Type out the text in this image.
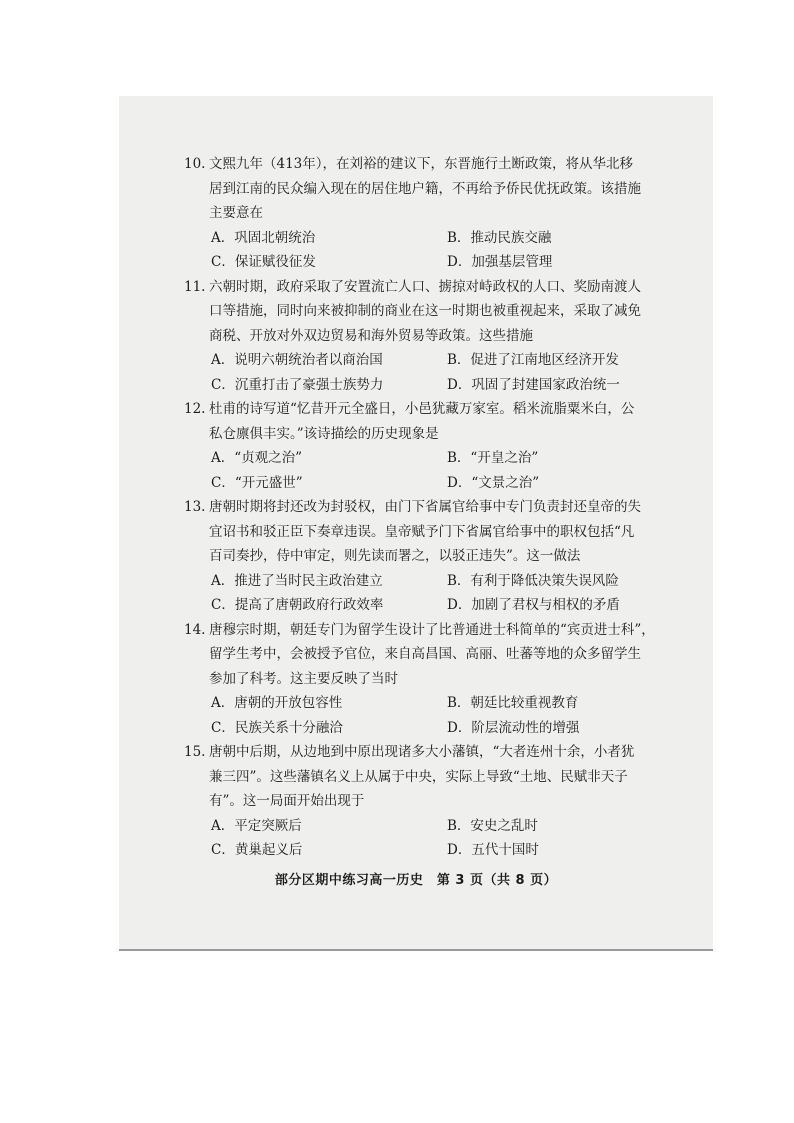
10. 文熙九年（413年），在刘裕的建议下，东晋施行土断政策，将从华北移
居到江南的民众编入现在的居住地户籍，不再给予侨民优抚政策。该措施
主要意在
A．巩固北朝统治	B．推动民族交融
C．保证赋役征发	D．加强基层管理
11. 六朝时期，政府采取了安置流亡人口、掳掠对峙政权的人口、奖励南渡人
口等措施，同时向来被抑制的商业在这一时期也被重视起来，采取了减免
商税、开放对外双边贸易和海外贸易等政策。这些措施
A．说明六朝统治者以商治国	B．促进了江南地区经济开发
C．沉重打击了豪强士族势力	D．巩固了封建国家政治统一
12. 杜甫的诗写道“忆昔开元全盛日，小邑犹藏万家室。稻米流脂粟米白，公
私仓廪俱丰实。”该诗描绘的历史现象是
A．“贞观之治”	B．“开皇之治”
C．“开元盛世”	D．“文景之治”
13. 唐朝时期将封还改为封驳权，由门下省属官给事中专门负责封还皇帝的失
宜诏书和驳正臣下奏章违误。皇帝赋予门下省属官给事中的职权包括“凡
百司奏抄，侍中审定，则先读而署之，以驳正违失”。这一做法
A．推进了当时民主政治建立	B．有利于降低决策失误风险
C．提高了唐朝政府行政效率	D．加剧了君权与相权的矛盾
14. 唐穆宗时期，朝廷专门为留学生设计了比普通进士科简单的“宾贡进士科”，
留学生考中，会被授予官位，来自高昌国、高丽、吐蕃等地的众多留学生
参加了科考。这主要反映了当时
A．唐朝的开放包容性	B．朝廷比较重视教育
C．民族关系十分融洽	D．阶层流动性的增强
15. 唐朝中后期，从边地到中原出现诸多大小藩镇，“大者连州十余，小者犹
兼三四”。这些藩镇名义上从属于中央，实际上导致“土地、民赋非天子
有”。这一局面开始出现于
A．平定突厥后	B．安史之乱时
C．黄巢起义后	D．五代十国时
部分区期中练习高一历史　第 3 页（共 8 页）
